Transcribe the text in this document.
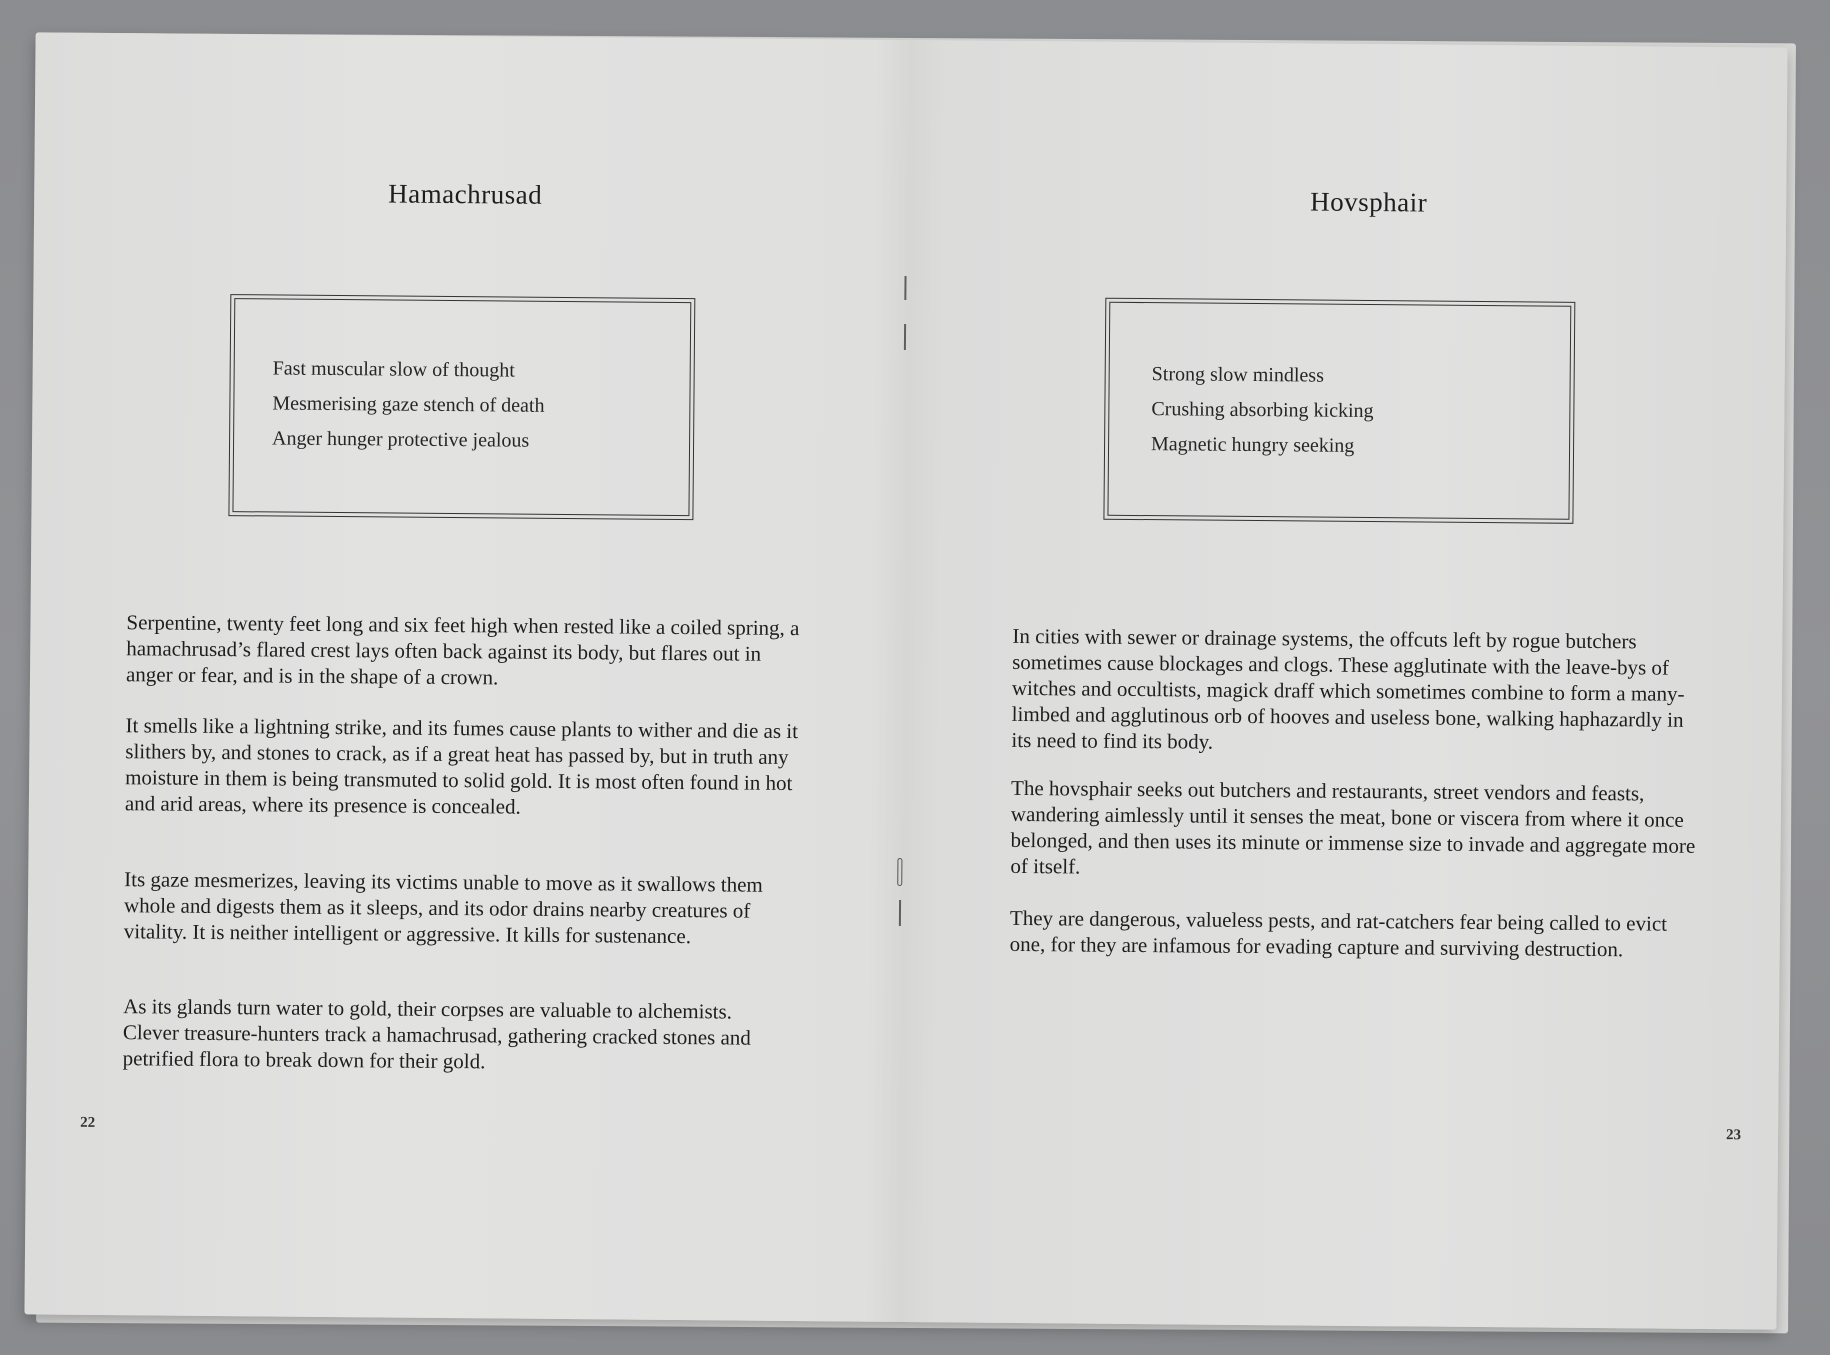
Hamachrusad
Fast muscular slow of thought
Mesmerising gaze stench of death
Anger hunger protective jealous

Serpentine, twenty feet long and six feet high when rested like a coiled spring, a hamachrusad’s flared crest lays often back against its body, but flares out in anger or fear, and is in the shape of a crown.

It smells like a lightning strike, and its fumes cause plants to wither and die as it slithers by, and stones to crack, as if a great heat has passed by, but in truth any moisture in them is being transmuted to solid gold. It is most often found in hot and arid areas, where its presence is concealed.

Its gaze mesmerizes, leaving its victims unable to move as it swallows them whole and digests them as it sleeps, and its odor drains nearby creatures of vitality. It is neither intelligent or aggressive. It kills for sustenance.

As its glands turn water to gold, their corpses are valuable to alchemists. Clever treasure-hunters track a hamachrusad, gathering cracked stones and petrified flora to break down for their gold.

22
Hovsphair
Strong slow mindless
Crushing absorbing kicking
Magnetic hungry seeking

In cities with sewer or drainage systems, the offcuts left by rogue butchers sometimes cause blockages and clogs. These agglutinate with the leave-bys of witches and occultists, magick draff which sometimes combine to form a many-limbed and agglutinous orb of hooves and useless bone, walking haphazardly in its need to find its body.

The hovsphair seeks out butchers and restaurants, street vendors and feasts, wandering aimlessly until it senses the meat, bone or viscera from where it once belonged, and then uses its minute or immense size to invade and aggregate more of itself.

They are dangerous, valueless pests, and rat-catchers fear being called to evict one, for they are infamous for evading capture and surviving destruction.

23
